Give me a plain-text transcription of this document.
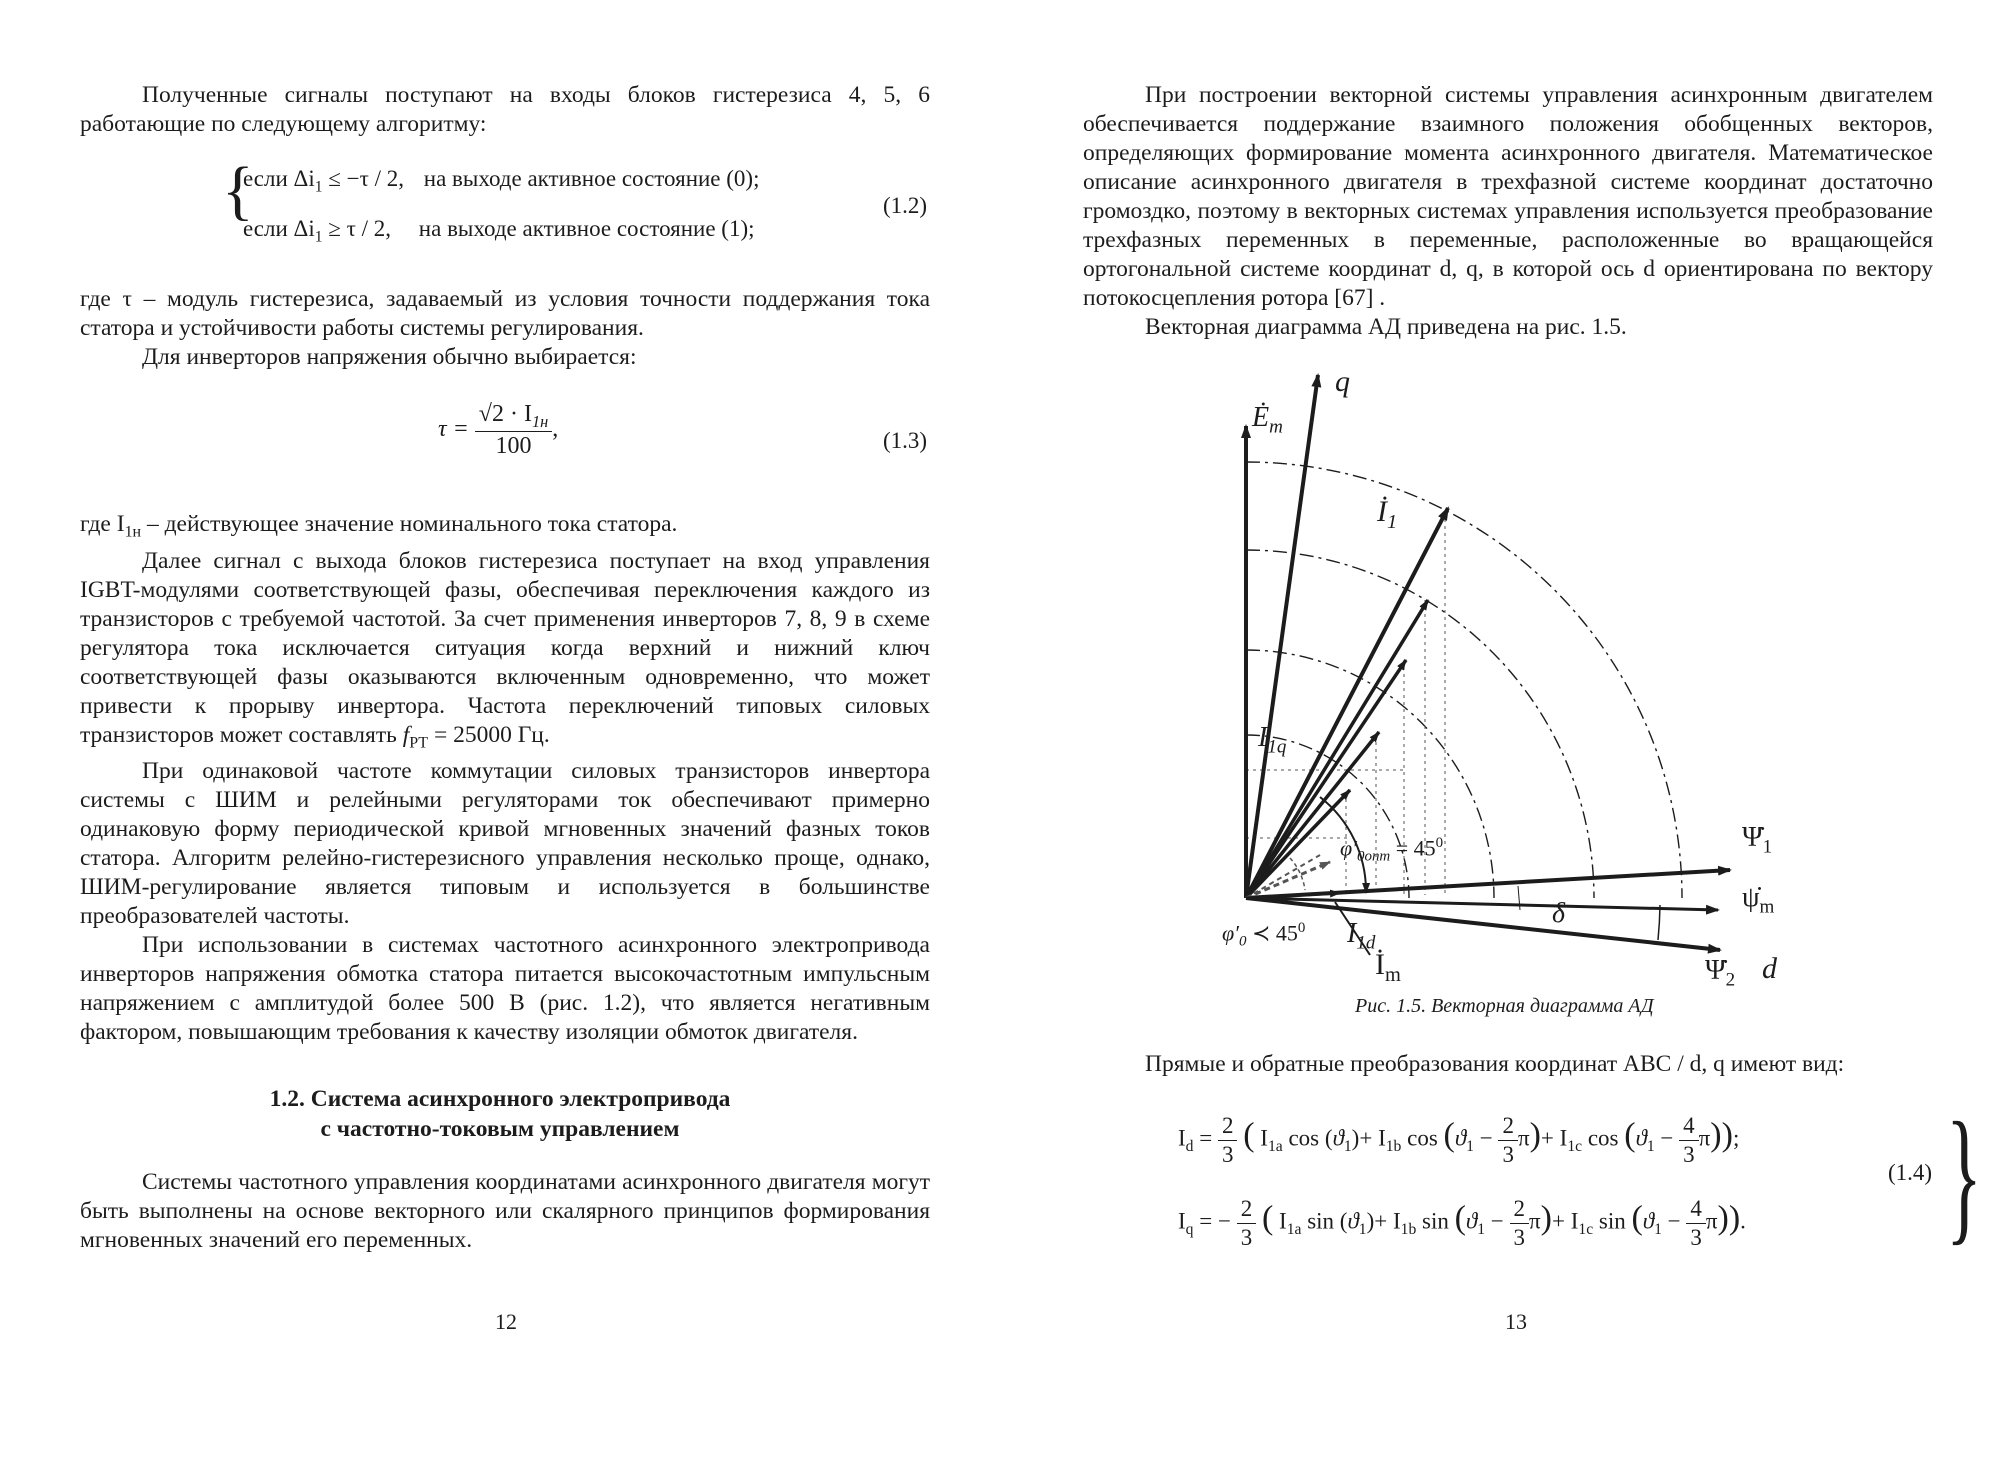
Полученные сигналы поступают на входы блоков гистерезиса 4, 5, 6 работающие по следующему алгоритму:

{
если $\Delta i_1 \le -\tau / 2$, на выходе активное состояние (0);
если $\Delta i_1 \ge \tau / 2$, на выходе активное состояние (1);
(1.2)

где τ – модуль гистерезиса, задаваемый из условия точности поддержания тока статора и устойчивости работы системы регулирования.

Для инверторов напряжения обычно выбирается:

$\tau = \frac{√2 \cdot I_{1н}}{100}$ ,	(1.3)

где $I_{1н}$ – действующее значение номинального тока статора.

Далее сигнал с выхода блоков гистерезиса поступает на вход управления IGBT-модулями соответствующей фазы, обеспечивая переключения каждого из транзисторов с требуемой частотой. За счет применения инверторов 7, 8, 9 в схеме регулятора тока исключается ситуация когда верхний и нижний ключ соответствующей фазы оказываются включенным одновременно, что может привести к прорыву инвертора. Частота переключений типовых силовых транзисторов может составлять $f_{РТ} = 25000$ Гц.

При одинаковой частоте коммутации силовых транзисторов инвертора системы с ШИМ и релейными регуляторами ток обеспечивают примерно одинаковую форму периодической кривой мгновенных значений фазных токов статора. Алгоритм релейно-гистерезисного управления несколько проще, однако, ШИМ-регулирование является типовым и используется в большинстве преобразователей частоты.

При использовании в системах частотного асинхронного электропривода инверторов напряжения обмотка статора питается высокочастотным импульсным напряжением с амплитудой более 500 В (рис. 1.2), что является негативным фактором, повышающим требования к качеству изоляции обмоток двигателя.

1.2. Система асинхронного электропривода
с частотно-токовым управлением

Системы частотного управления координатами асинхронного двигателя могут быть выполнены на основе векторного или скалярного принципов формирования мгновенных значений его переменных.

12

При построении векторной системы управления асинхронным двигателем обеспечивается поддержание взаимного положения обобщенных векторов, определяющих формирование момента асинхронного двигателя. Математическое описание асинхронного двигателя в трехфазной системе координат достаточно громоздко, поэтому в векторных системах управления используется преобразование трехфазных переменных в переменные, расположенные во вращающейся ортогональной системе координат d, q, в которой ось d ориентирована по вектору потокосцепления ротора [67] .

Векторная диаграмма АД приведена на рис. 1.5.

q
$Ė_m$
$İ_1$
$I_{1q}$
$\varphi'_{0опт} = 45^0$	$\Psi̇_1$
$\psi̇_m$
δ
$\varphi'_0$ ≺ $45^0$ $I_{1d}$
$İ_m$	$\Psi̇_2$ d
Рис. 1.5. Векторная диаграмма АД

Прямые и обратные преобразования координат ABC / d, q имеют вид:

$I_d = \frac{2}{3}$ ( $I_{1a}$ $\cos (ϑ_1)+ I_{1b}$ $\cos (ϑ_1 - \frac{2}{3} \pi)+ I_{1c}$ $\cos (ϑ_1 - \frac{4}{3} \pi)$);
$I_q$ = − $\frac{2}{3}$ ( $I_{1a}$ $\sin (ϑ_1)+ I_{1b}$ $\sin (ϑ_1 - \frac{2}{3} \pi)+ I_{1c}$ $\sin (ϑ_1 - \frac{4}{3} \pi)$). }
(1.4)
13
